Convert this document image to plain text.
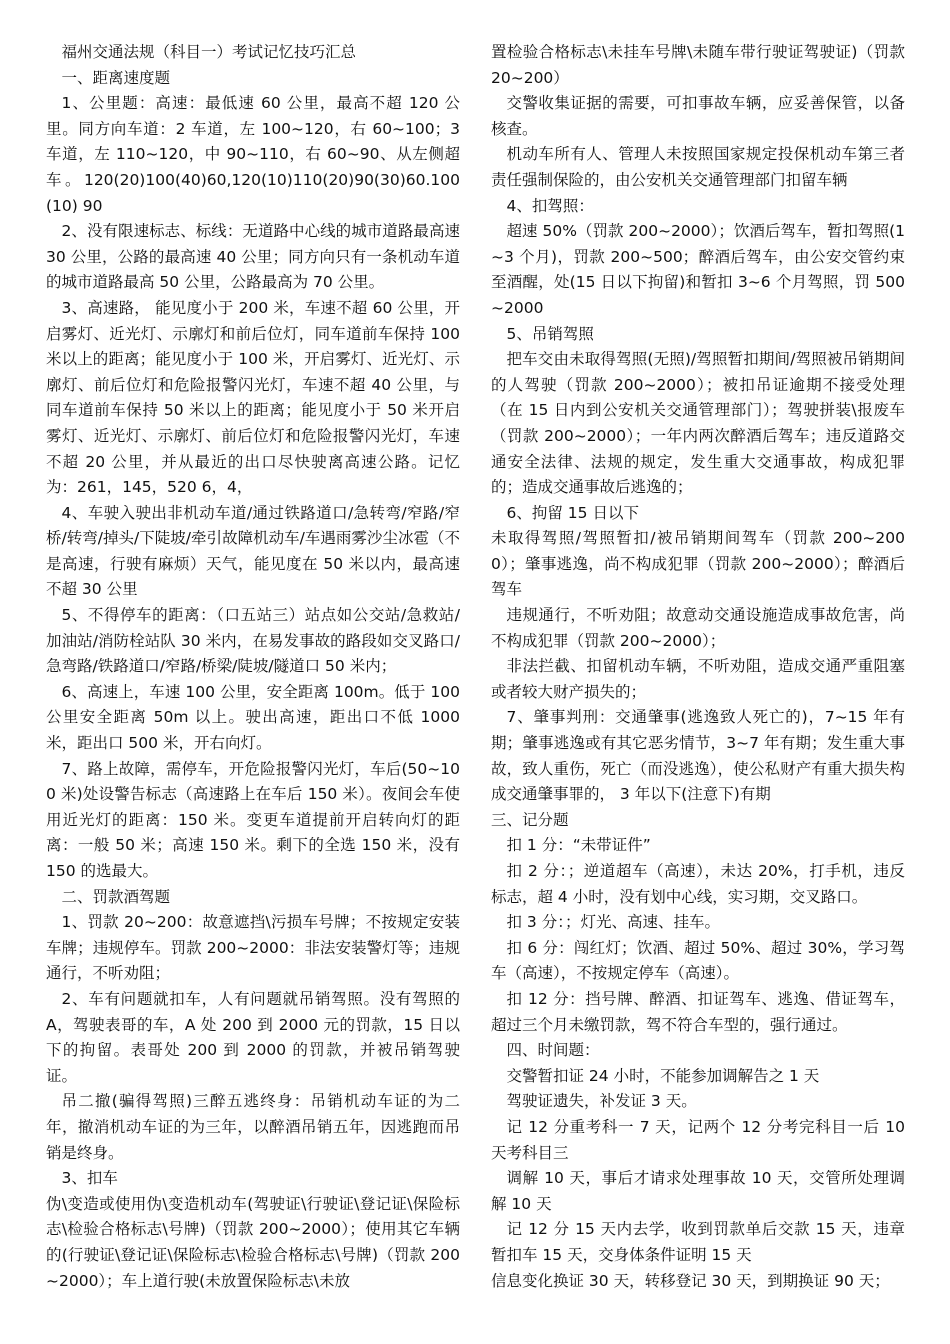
福州交通法规（科目一）考试记忆技巧汇总

一、距离速度题

1、公里题：高速：最低速 60 公里，最高不超 120 公里。同方向车道：2 车道，左 100~120，右 60~100；3 车道，左 110~120，中 90~110，右 60~90、从左侧超车。120(20)100(40)60,120(10)110(20)90(30)60.100 (10) 90

2、没有限速标志、标线：无道路中心线的城市道路最高速 30 公里，公路的最高速 40 公里；同方向只有一条机动车道的城市道路最高 50 公里，公路最高为 70 公里。

3、高速路， 能见度小于 200 米，车速不超 60 公里，开启雾灯、近光灯、示廓灯和前后位灯，同车道前车保持 100 米以上的距离；能见度小于 100 米，开启雾灯、近光灯、示廓灯、前后位灯和危险报警闪光灯，车速不超 40 公里，与同车道前车保持 50 米以上的距离；能见度小于 50 米开启雾灯、近光灯、示廓灯、前后位灯和危险报警闪光灯，车速不超 20 公里，并从最近的出口尽快驶离高速公路。记忆为：261，145，520 6，4，

4、车驶入驶出非机动车道/通过铁路道口/急转弯/窄路/窄桥/转弯/掉头/下陡坡/牵引故障机动车/车遇雨雾沙尘冰雹（不是高速，行驶有麻烦）天气，能见度在 50 米以内，最高速不超 30 公里

5、不得停车的距离：（口五站三）站点如公交站/急救站/加油站/消防栓站队 30 米内，在易发事故的路段如交叉路口/急弯路/铁路道口/窄路/桥梁/陡坡/隧道口 50 米内；

6、高速上，车速 100 公里，安全距离 100m。低于 100 公里安全距离 50m 以上。驶出高速，距出口不低 1000 米，距出口 500 米，开右向灯。

7、路上故障，需停车，开危险报警闪光灯，车后(50~100 米)处设警告标志（高速路上在车后 150 米）。夜间会车使用近光灯的距离：150 米。变更车道提前开启转向灯的距离：一般 50 米；高速 150 米。剩下的全选 150 米，没有 150 的选最大。

二、罚款酒驾题

1、罚款 20~200：故意遮挡\污损车号牌；不按规定安装车牌；违规停车。罚款 200~2000：非法安装警灯等；违规通行，不听劝阻；

2、车有问题就扣车，人有问题就吊销驾照。没有驾照的 A，驾驶表哥的车，A 处 200 到 2000 元的罚款，15 日以下的拘留。表哥处 200 到 2000 的罚款，并被吊销驾驶证。

吊二撤(骗得驾照)三醉五逃终身：吊销机动车证的为二年，撤消机动车证的为三年，以醉酒吊销五年，因逃跑而吊销是终身。

3、扣车

伪\变造或使用伪\变造机动车(驾驶证\行驶证\登记证\保险标志\检验合格标志\号牌)（罚款 200~2000）；使用其它车辆的(行驶证\登记证\保险标志\检验合格标志\号牌)（罚款 200~2000）；车上道行驶(未放置保险标志\未放

置检验合格标志\未挂车号牌\未随车带行驶证驾驶证)（罚款 20~200）

交警收集证据的需要，可扣事故车辆，应妥善保管，以备核查。

机动车所有人、管理人未按照国家规定投保机动车第三者责任强制保险的，由公安机关交通管理部门扣留车辆

4、扣驾照：

超速 50%（罚款 200~2000）；饮酒后驾车，暂扣驾照(1~3 个月)，罚款 200~500；醉酒后驾车，由公安交管约束至酒醒，处(15 日以下拘留)和暂扣 3~6 个月驾照，罚 500~2000

5、吊销驾照

把车交由未取得驾照(无照)/驾照暂扣期间/驾照被吊销期间的人驾驶（罚款 200~2000）；被扣吊证逾期不接受处理（在 15 日内到公安机关交通管理部门）；驾驶拼装\报废车（罚款 200~2000）；一年内两次醉酒后驾车；违反道路交通安全法律、法规的规定，发生重大交通事故，构成犯罪的；造成交通事故后逃逸的；

6、拘留 15 日以下

未取得驾照/驾照暂扣/被吊销期间驾车（罚款 200~2000）；肇事逃逸，尚不构成犯罪（罚款 200~2000）；醉酒后驾车

违规通行，不听劝阻；故意动交通设施造成事故危害，尚不构成犯罪（罚款 200~2000）；

非法拦截、扣留机动车辆，不听劝阻，造成交通严重阻塞或者较大财产损失的；

7、肇事判刑：交通肇事(逃逸致人死亡的)，7~15 年有期；肇事逃逸或有其它恶劣情节，3~7 年有期；发生重大事故，致人重伤，死亡（而没逃逸），使公私财产有重大损失构成交通肇事罪的， 3 年以下(注意下)有期

三、记分题

扣 1 分：“未带证件”

扣 2 分：；逆道超车（高速），未达 20%，打手机，违反标志，超 4 小时，没有划中心线，实习期，交叉路口。

扣 3 分：；灯光、高速、挂车。

扣 6 分：闯红灯；饮酒、超过 50%、超过 30%，学习驾车（高速），不按规定停车（高速）。

扣 12 分：挡号牌、醉酒、扣证驾车、逃逸、借证驾车，超过三个月未缴罚款，驾不符合车型的，强行通过。

四、时间题：

交警暂扣证 24 小时，不能参加调解告之 1 天

驾驶证遗失，补发证 3 天。

记 12 分重考科一 7 天，记两个 12 分考完科目一后 10 天考科目三

调解 10 天，事后才请求处理事故 10 天，交管所处理调解 10 天

记 12 分 15 天内去学，收到罚款单后交款 15 天，违章暂扣车 15 天，交身体条件证明 15 天

信息变化换证 30 天，转移登记 30 天，到期换证 90 天；
